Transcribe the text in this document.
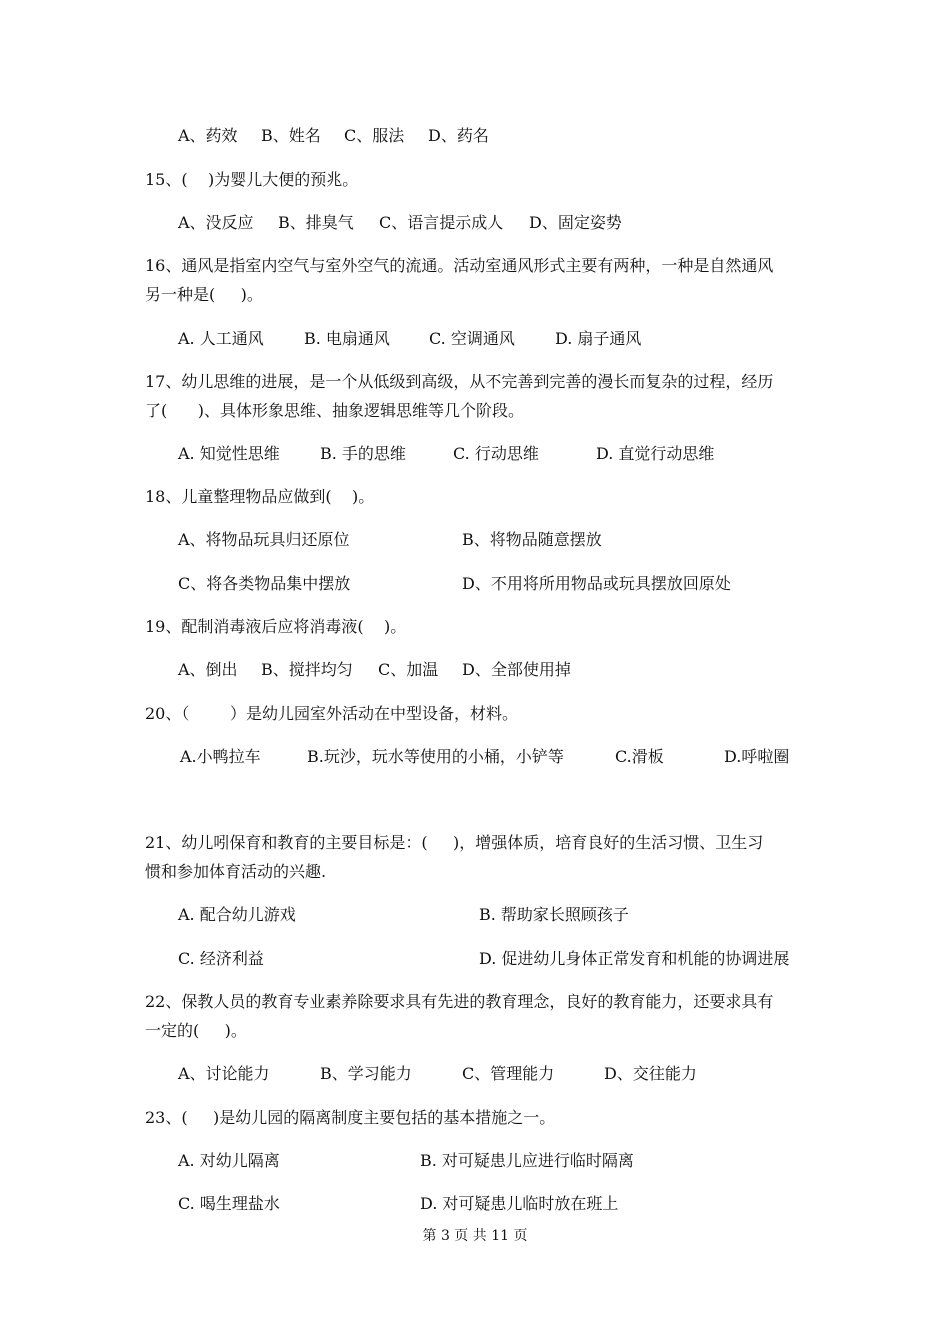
A、药效 B、姓名 C、服法 D、药名
15、(    )为婴儿大便的预兆。
A、没反应 B、排臭气 C、语言提示成人 D、固定姿势
16、通风是指室内空气与室外空气的流通。活动室通风形式主要有两种，一种是自然通风
另一种是(     )。
A. 人工通风	B. 电扇通风 C. 空调通风	D. 扇子通风
17、幼儿思维的进展，是一个从低级到高级，从不完善到完善的漫长而复杂的过程，经历
了(      )、具体形象思维、抽象逻辑思维等几个阶段。
A. 知觉性思维	B. 手的思维	C. 行动思维	D. 直觉行动思维
18、儿童整理物品应做到(    )。
A、将物品玩具归还原位	B、将物品随意摆放
C、将各类物品集中摆放	D、不用将所用物品或玩具摆放回原处
19、配制消毒液后应将消毒液(    )。
A、倒出 B、搅拌均匀 C、加温 D、全部使用掉
20、（        ）是幼儿园室外活动在中型设备，材料。
A.小鸭拉车	B.玩沙，玩水等使用的小桶，小铲等	C.滑板	D.呼啦圈
21、幼儿吲保育和教育的主要目标是：(     )，增强体质，培育良好的生活习惯、卫生习
惯和参加体育活动的兴趣.
A. 配合幼儿游戏	B. 帮助家长照顾孩子
C. 经济利益	D. 促进幼儿身体正常发育和机能的协调进展
22、保教人员的教育专业素养除要求具有先进的教育理念，良好的教育能力，还要求具有
一定的(     )。
A、讨论能力	B、学习能力	C、管理能力	D、交往能力
23、(     )是幼儿园的隔离制度主要包括的基本措施之一。
A. 对幼儿隔离	B. 对可疑患儿应进行临时隔离
C. 喝生理盐水	D. 对可疑患儿临时放在班上
第 3 页 共 11 页
